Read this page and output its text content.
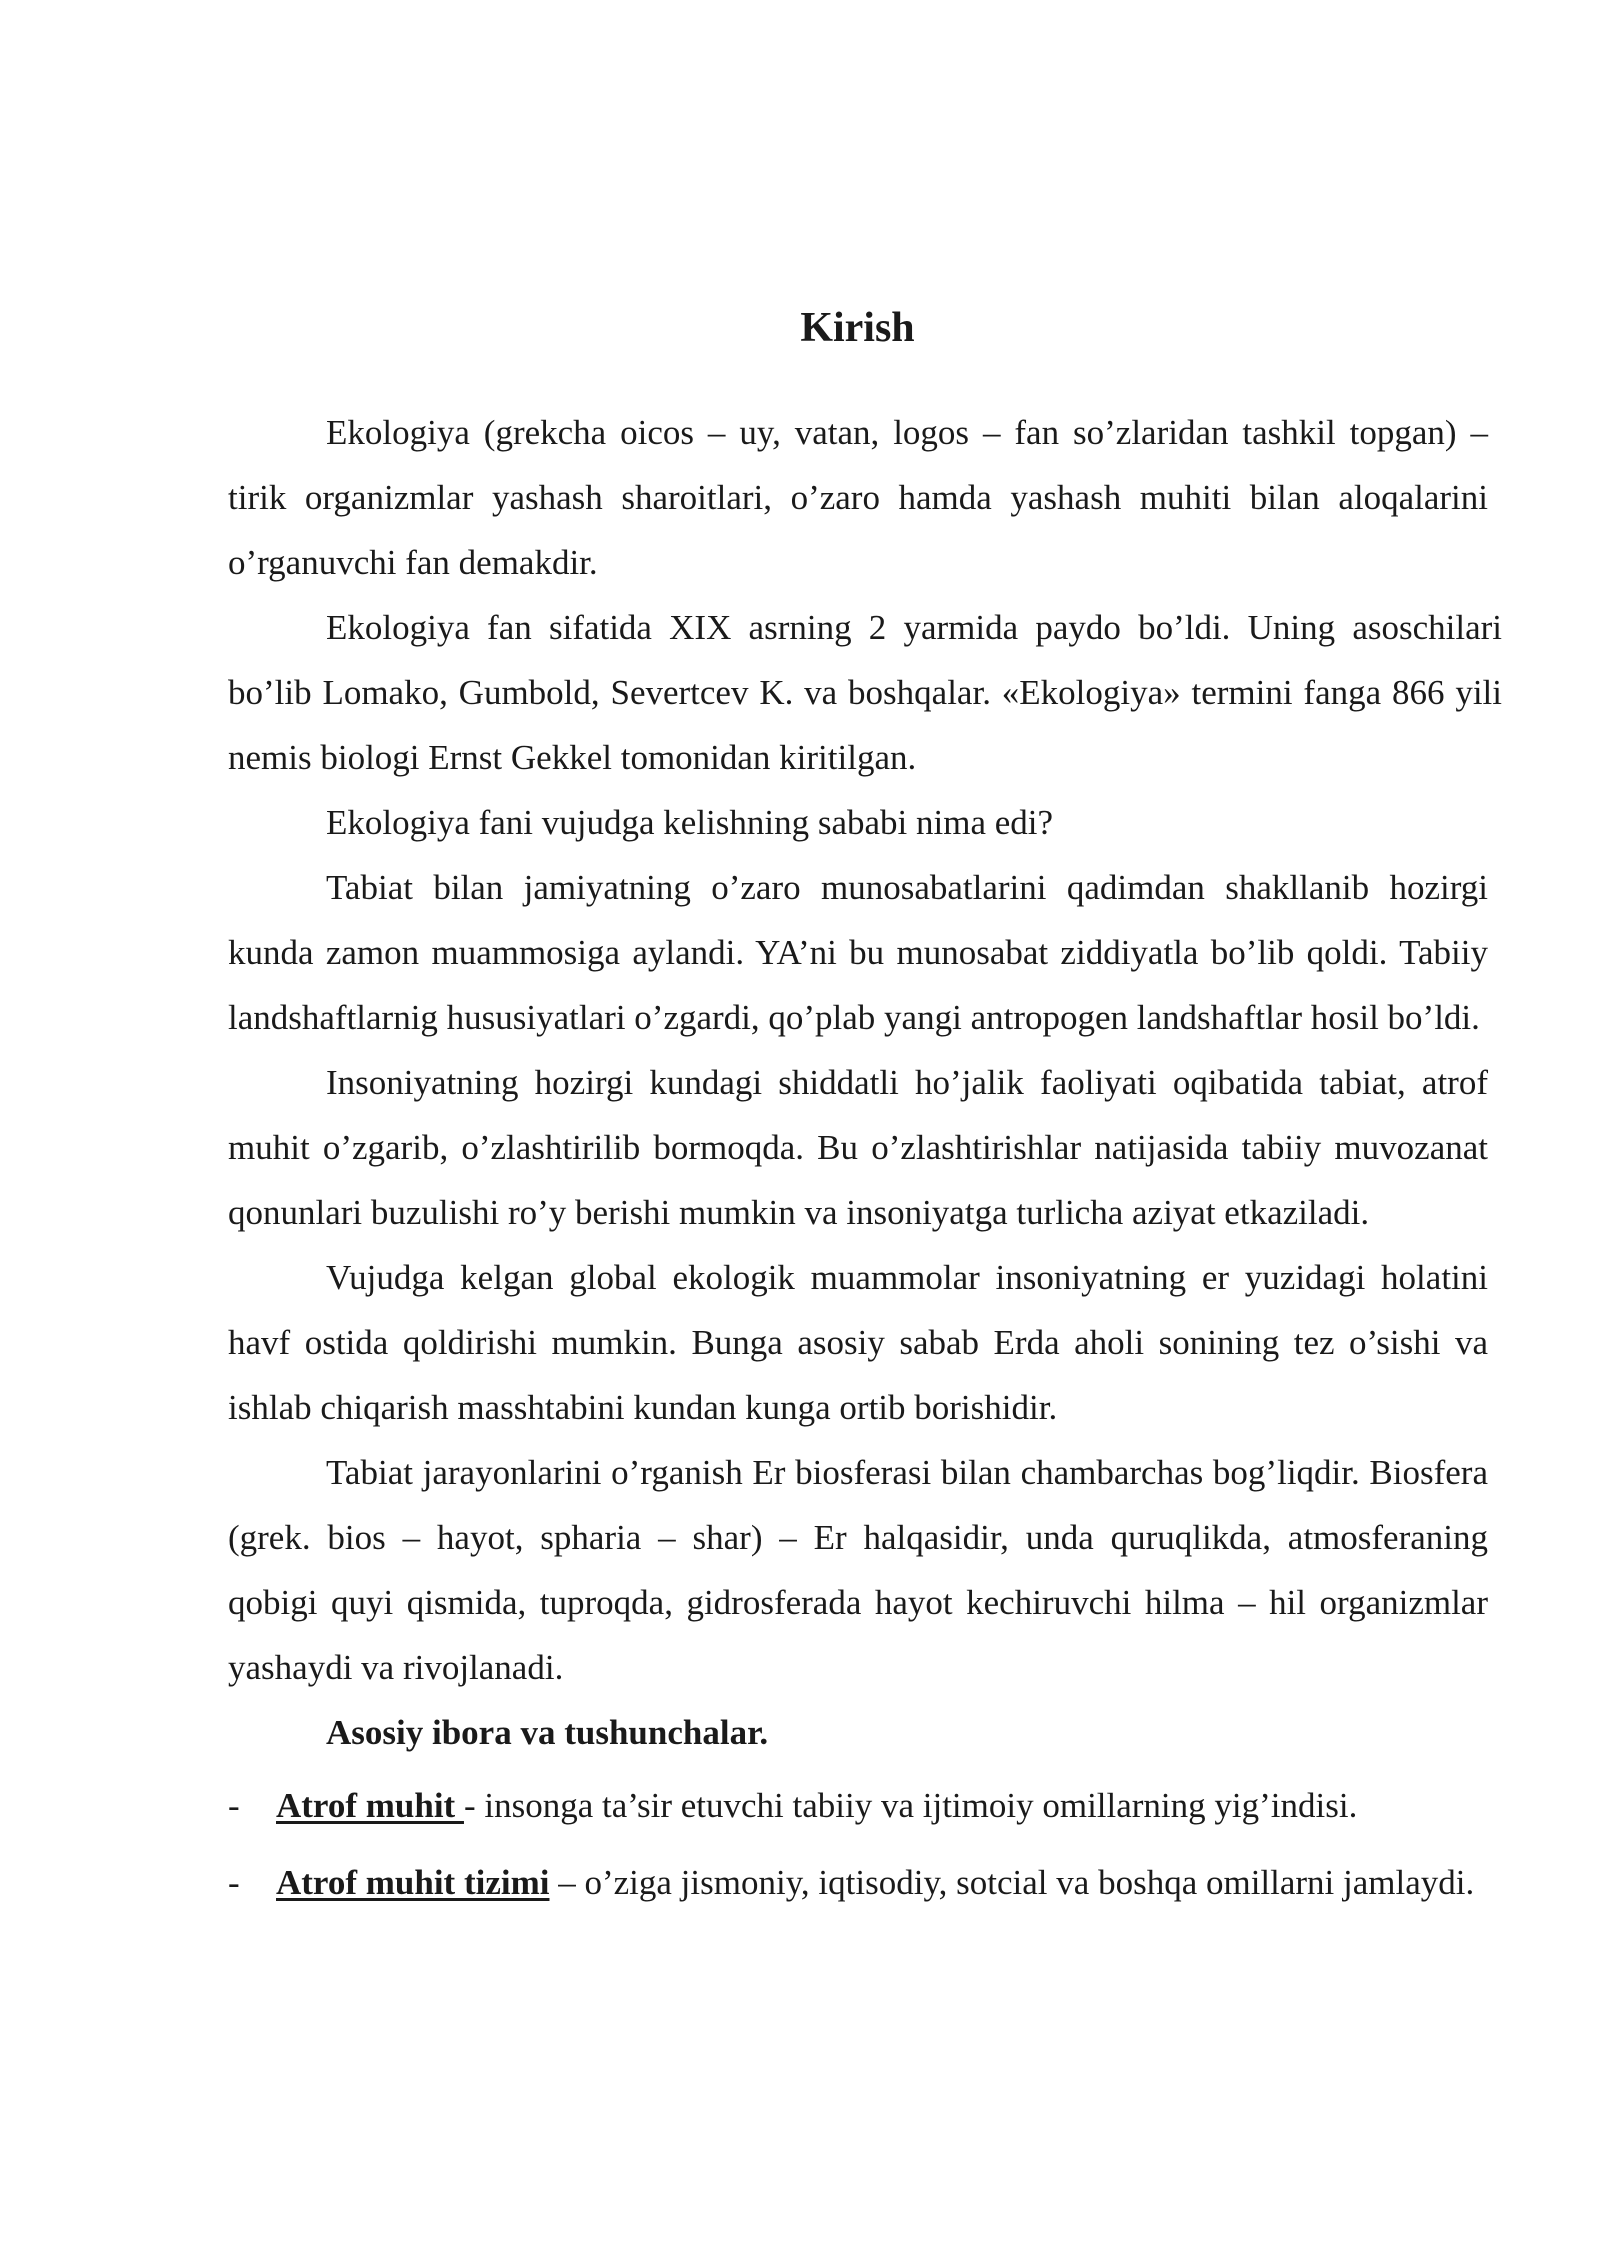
Kirish

Ekologiya (grekcha oicos – uy, vatan, logos – fan so’zlaridan tashkil topgan) – tirik organizmlar yashash sharoitlari, o’zaro hamda yashash muhiti bilan aloqalarini o’rganuvchi fan demakdir.

Ekologiya fan sifatida XIX asrning 2 yarmida paydo bo’ldi. Uning asoschilari bo’lib Lomako, Gumbold, Severtcev K. va boshqalar. «Ekologiya» termini fanga 866 yili nemis biologi Ernst Gekkel tomonidan kiritilgan.

Ekologiya fani vujudga kelishning sababi nima edi?

Tabiat bilan jamiyatning o’zaro munosabatlarini qadimdan shakllanib hozirgi kunda zamon muammosiga aylandi. YA’ni bu munosabat ziddiyatla bo’lib qoldi. Tabiiy landshaftlarnig hususiyatlari o’zgardi, qo’plab yangi antropogen landshaftlar hosil bo’ldi.

Insoniyatning hozirgi kundagi shiddatli ho’jalik faoliyati oqibatida tabiat, atrof muhit o’zgarib, o’zlashtirilib bormoqda. Bu o’zlashtirishlar natijasida tabiiy muvozanat qonunlari buzulishi ro’y berishi mumkin va insoniyatga turlicha aziyat etkaziladi.

Vujudga kelgan global ekologik muammolar insoniyatning er yuzidagi holatini havf ostida qoldirishi mumkin. Bunga asosiy sabab Erda aholi sonining tez o’sishi va ishlab chiqarish masshtabini kundan kunga ortib borishidir.

Tabiat jarayonlarini o’rganish Er biosferasi bilan chambarchas bog’liqdir. Biosfera (grek. bios – hayot, spharia – shar) – Er halqasidir, unda quruqlikda, atmosferaning qobigi quyi qismida, tuproqda, gidrosferada hayot kechiruvchi hilma – hil organizmlar yashaydi va rivojlanadi.

Asosiy ibora va tushunchalar.

- Atrof muhit - insonga ta’sir etuvchi tabiiy va ijtimoiy omillarning yig’indisi.

- Atrof muhit tizimi – o’ziga jismoniy, iqtisodiy, sotcial va boshqa omillarni jamlaydi.
